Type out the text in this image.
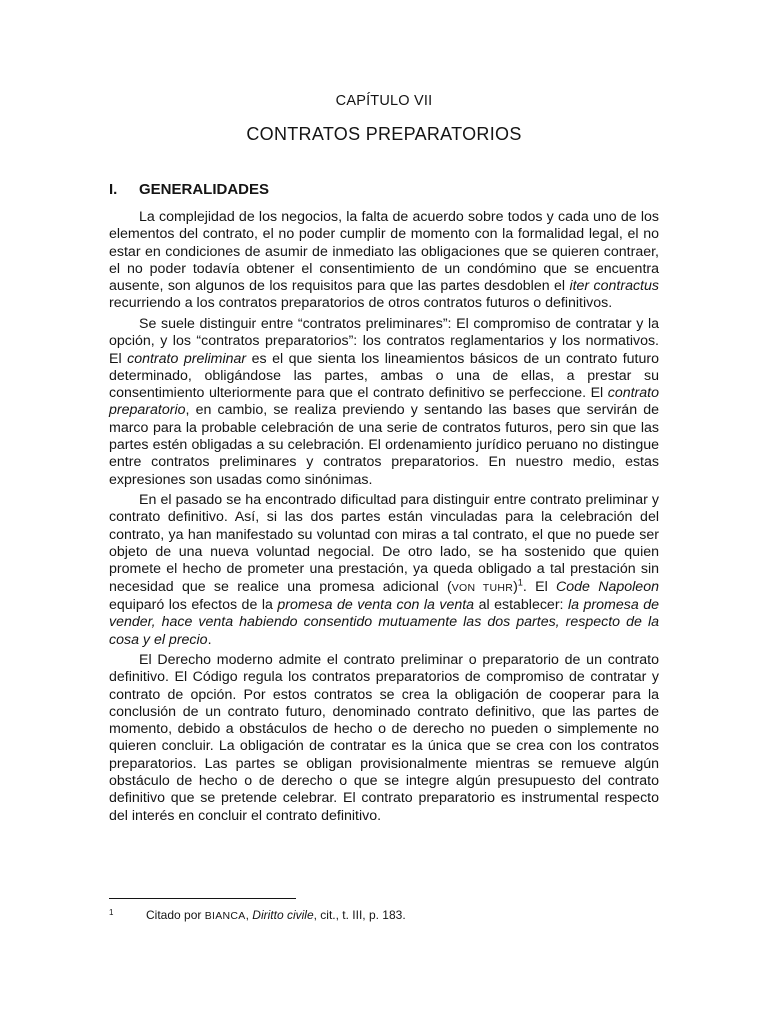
CAPÍTULO VII
CONTRATOS PREPARATORIOS
I. GENERALIDADES

La complejidad de los negocios, la falta de acuerdo sobre todos y cada uno de los elementos del contrato, el no poder cumplir de momento con la formalidad legal, el no estar en condiciones de asumir de inmediato las obligaciones que se quieren contraer, el no poder todavía obtener el consentimiento de un condómino que se encuentra ausente, son algunos de los requisitos para que las partes desdoblen el iter contractus recurriendo a los contratos preparatorios de otros contratos futuros o definitivos.

Se suele distinguir entre “contratos preliminares”: El compromiso de contratar y la opción, y los “contratos preparatorios”: los contratos reglamentarios y los normativos. El contrato preliminar es el que sienta los lineamientos básicos de un contrato futuro determinado, obligándose las partes, ambas o una de ellas, a prestar su consentimiento ulteriormente para que el contrato definitivo se perfeccione. El contrato preparatorio, en cambio, se realiza previendo y sentando las bases que servirán de marco para la probable celebración de una serie de contratos futuros, pero sin que las partes estén obligadas a su celebración. El ordenamiento jurídico peruano no distingue entre contratos preliminares y contratos preparatorios. En nuestro medio, estas expresiones son usadas como sinónimas.

En el pasado se ha encontrado dificultad para distinguir entre contrato preliminar y contrato definitivo. Así, si las dos partes están vinculadas para la celebración del contrato, ya han manifestado su voluntad con miras a tal contrato, el que no puede ser objeto de una nueva voluntad negocial. De otro lado, se ha sostenido que quien promete el hecho de prometer una prestación, ya queda obligado a tal prestación sin necesidad que se realice una promesa adicional (VON TUHR)$^1$. El Code Napoleon equiparó los efectos de la promesa de venta con la venta al establecer: la promesa de vender, hace venta habiendo consentido mutuamente las dos partes, respecto de la cosa y el precio.

El Derecho moderno admite el contrato preliminar o preparatorio de un contrato definitivo. El Código regula los contratos preparatorios de compromiso de contratar y contrato de opción. Por estos contratos se crea la obligación de cooperar para la conclusión de un contrato futuro, denominado contrato definitivo, que las partes de momento, debido a obstáculos de hecho o de derecho no pueden o simplemente no quieren concluir. La obligación de contratar es la única que se crea con los contratos preparatorios. Las partes se obligan provisionalmente mientras se remueve algún obstáculo de hecho o de derecho o que se integre algún presupuesto del contrato definitivo que se pretende celebrar. El contrato preparatorio es instrumental respecto del interés en concluir el contrato definitivo.

1	Citado por BIANCA, Diritto civile, cit., t. III, p. 183.
